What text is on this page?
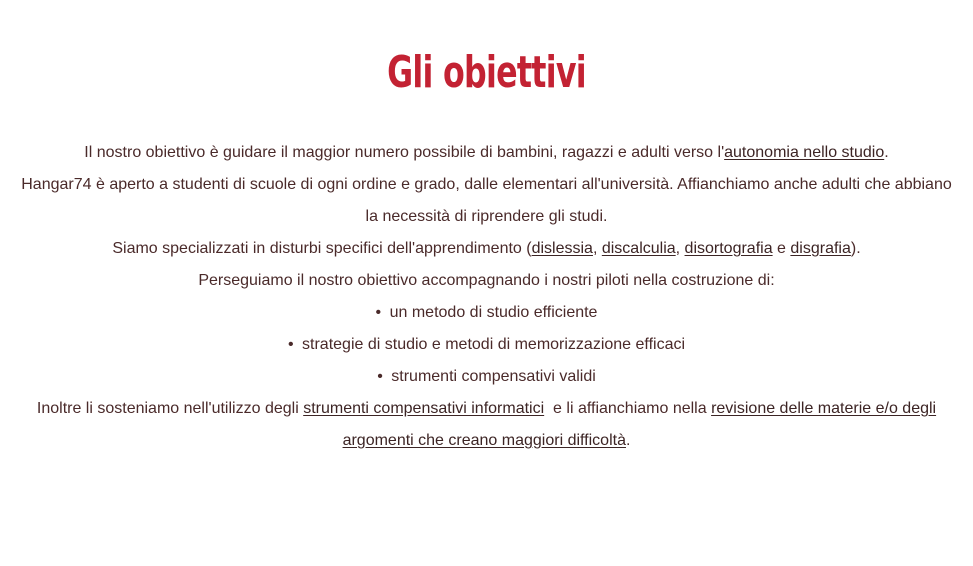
Gli obiettivi

Il nostro obiettivo è guidare il maggior numero possibile di bambini, ragazzi e adulti verso l'autonomia nello studio.
Hangar74 è aperto a studenti di scuole di ogni ordine e grado, dalle elementari all'università. Affianchiamo anche adulti che abbiano la necessità di riprendere gli studi.

Siamo specializzati in disturbi specifici dell'apprendimento (dislessia, discalculia, disortografia e disgrafia).

Perseguiamo il nostro obiettivo accompagnando i nostri piloti nella costruzione di:

• un metodo di studio efficiente
• strategie di studio e metodi di memorizzazione efficaci
• strumenti compensativi validi

Inoltre li sosteniamo nell'utilizzo degli strumenti compensativi informatici  e li affianchiamo nella revisione delle materie e/o degli argomenti che creano maggiori difficoltà.
